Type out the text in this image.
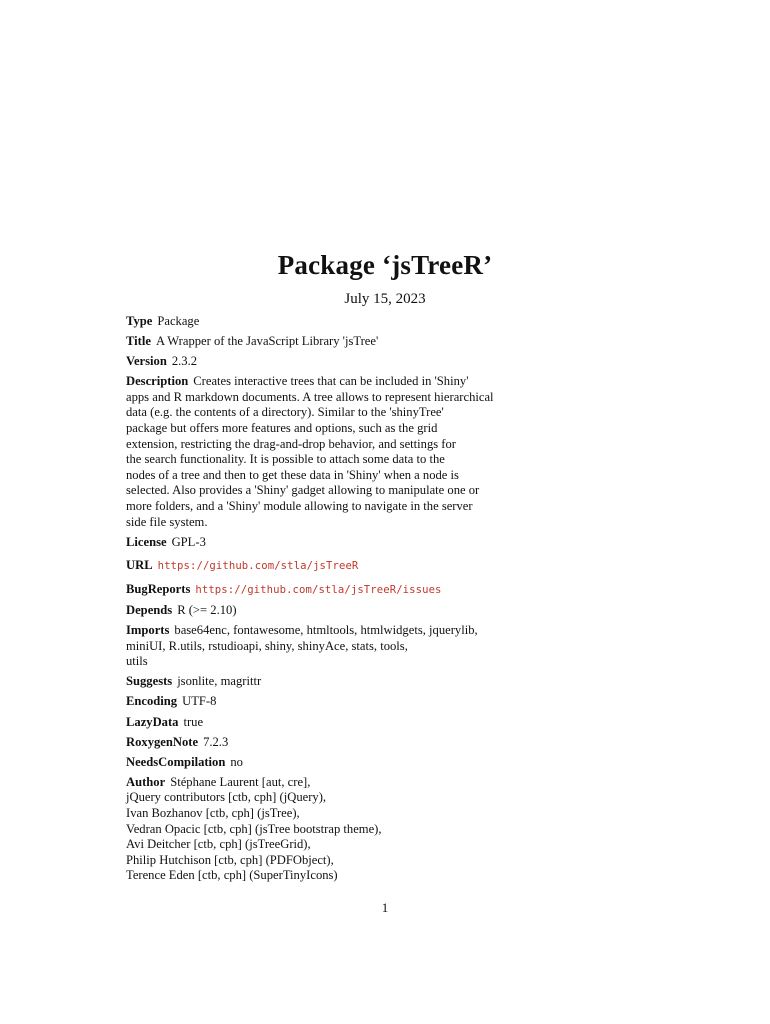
Package ‘jsTreeR’
July 15, 2023

Type Package

Title A Wrapper of the JavaScript Library 'jsTree'

Version 2.3.2

Description Creates interactive trees that can be included in 'Shiny'
apps and R markdown documents. A tree allows to represent hierarchical
data (e.g. the contents of a directory). Similar to the 'shinyTree'
package but offers more features and options, such as the grid
extension, restricting the drag-and-drop behavior, and settings for
the search functionality. It is possible to attach some data to the
nodes of a tree and then to get these data in 'Shiny' when a node is
selected. Also provides a 'Shiny' gadget allowing to manipulate one or
more folders, and a 'Shiny' module allowing to navigate in the server
side file system.

License GPL-3

URL https://github.com/stla/jsTreeR

BugReports https://github.com/stla/jsTreeR/issues

Depends R (>= 2.10)

Imports base64enc, fontawesome, htmltools, htmlwidgets, jquerylib,
miniUI, R.utils, rstudioapi, shiny, shinyAce, stats, tools,
utils

Suggests jsonlite, magrittr

Encoding UTF-8

LazyData true

RoxygenNote 7.2.3

NeedsCompilation no

Author Stéphane Laurent [aut, cre],
jQuery contributors [ctb, cph] (jQuery),
Ivan Bozhanov [ctb, cph] (jsTree),
Vedran Opacic [ctb, cph] (jsTree bootstrap theme),
Avi Deitcher [ctb, cph] (jsTreeGrid),
Philip Hutchison [ctb, cph] (PDFObject),
Terence Eden [ctb, cph] (SuperTinyIcons)

1
